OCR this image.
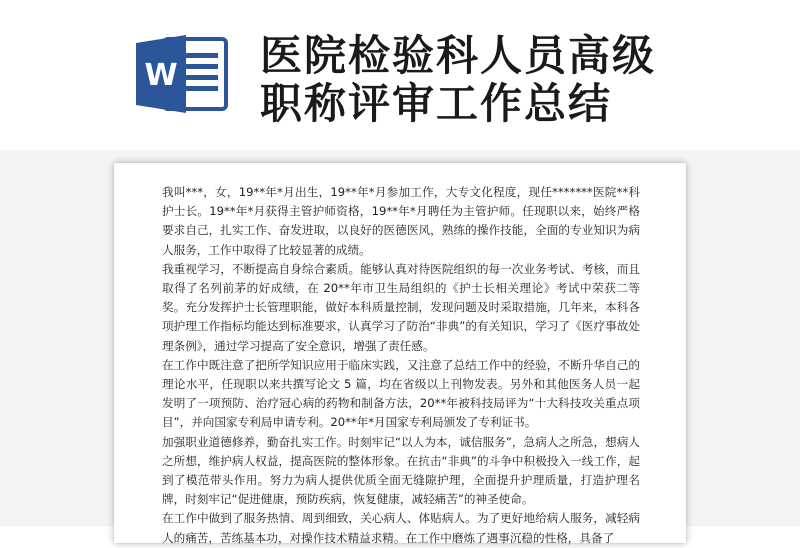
W 医院检验科人员高级
职称评审工作总结

我叫***，女，19**年*月出生，19**年*月参加工作，大专文化程度，现任*******医院**科护士长。19**年*月获得主管护师资格，19**年*月聘任为主管护师。任现职以来，始终严格要求自己，扎实工作、奋发进取，以良好的医德医风，熟练的操作技能，全面的专业知识为病人服务，工作中取得了比较显著的成绩。

我重视学习，不断提高自身综合素质。能够认真对待医院组织的每一次业务考试、考核，而且取得了名列前茅的好成绩，在 20**年市卫生局组织的《护士长相关理论》考试中荣获二等奖。充分发挥护士长管理职能，做好本科质量控制，发现问题及时采取措施，几年来，本科各项护理工作指标均能达到标准要求，认真学习了防治“非典”的有关知识，学习了《医疗事故处理条例》，通过学习提高了安全意识，增强了责任感。

在工作中既注意了把所学知识应用于临床实践，又注意了总结工作中的经验，不断升华自己的理论水平，任现职以来共撰写论文 5 篇，均在省级以上刊物发表。另外和其他医务人员一起发明了一项预防、治疗冠心病的药物和制备方法，20**年被科技局评为“十大科技攻关重点项目”，并向国家专利局申请专利。20**年*月国家专利局颁发了专利证书。

加强职业道德修养，勤奋扎实工作。时刻牢记“以人为本，诚信服务”，急病人之所急，想病人之所想，维护病人权益，提高医院的整体形象。在抗击“非典”的斗争中积极投入一线工作，起到了模范带头作用。努力为病人提供优质全面无缝隙护理，全面提升护理质量，打造护理名牌，时刻牢记“促进健康，预防疾病，恢复健康，减轻痛苦”的神圣使命。

在工作中做到了服务热情、周到细致，关心病人、体贴病人。为了更好地给病人服务，减轻病人的痛苦，苦练基本功，对操作技术精益求精。在工作中磨炼了遇事沉稳的性格，具备了
